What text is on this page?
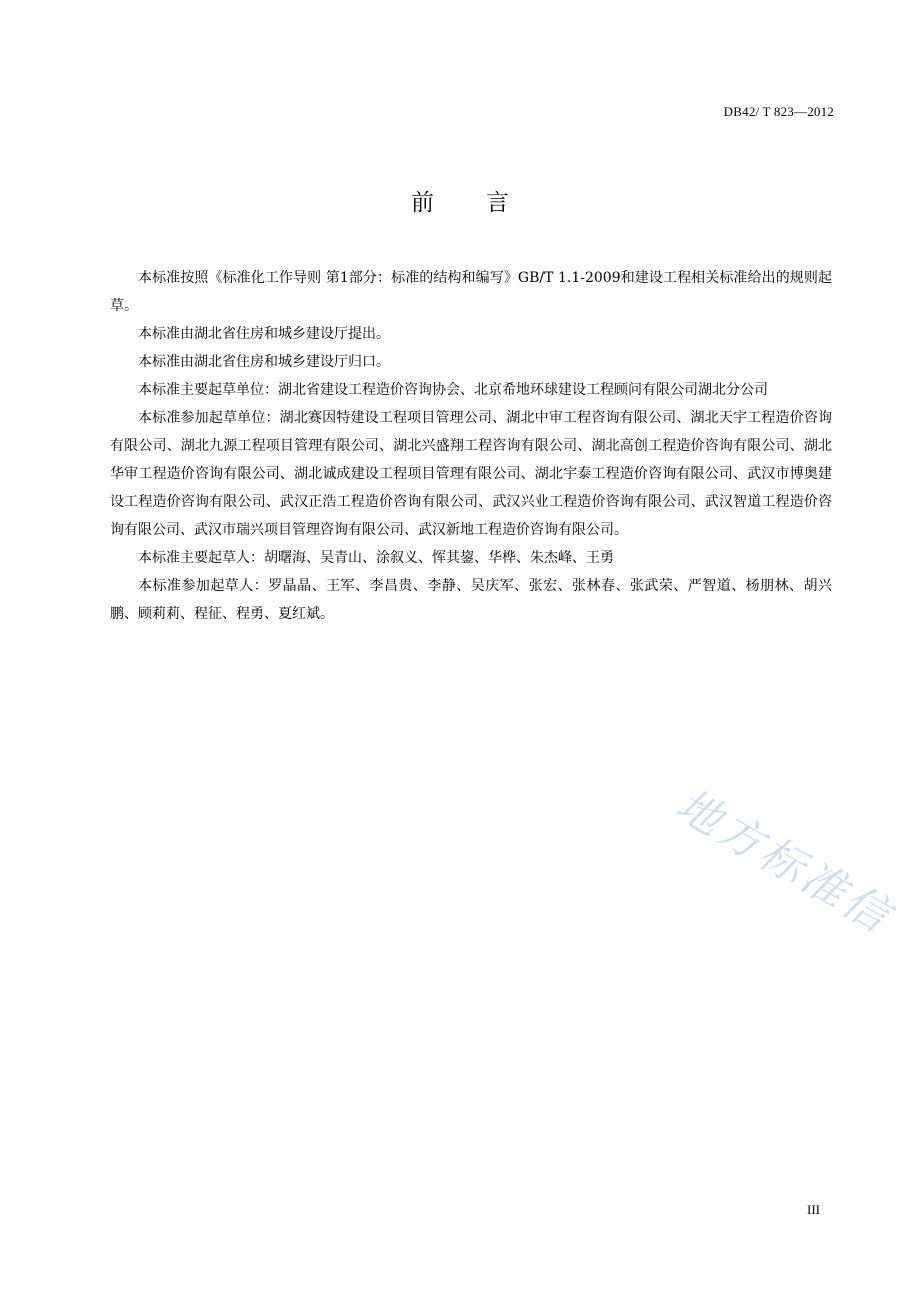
DB42/ T 823—2012
前言

本标准按照《标准化工作导则 第1部分：标准的结构和编写》GB/T 1.1-2009和建设工程相关标准给出的规则起草。

本标准由湖北省住房和城乡建设厅提出。

本标准由湖北省住房和城乡建设厅归口。

本标准主要起草单位：湖北省建设工程造价咨询协会、北京希地环球建设工程顾问有限公司湖北分公司

本标准参加起草单位：湖北赛因特建设工程项目管理公司、湖北中审工程咨询有限公司、湖北天宇工程造价咨询有限公司、湖北九源工程项目管理有限公司、湖北兴盛翔工程咨询有限公司、湖北高创工程造价咨询有限公司、湖北华审工程造价咨询有限公司、湖北诚成建设工程项目管理有限公司、湖北宇泰工程造价咨询有限公司、武汉市博奥建设工程造价咨询有限公司、武汉正浩工程造价咨询有限公司、武汉兴业工程造价咨询有限公司、武汉智道工程造价咨询有限公司、武汉市瑞兴项目管理咨询有限公司、武汉新地工程造价咨询有限公司。

本标准主要起草人：胡曙海、吴青山、涂叙义、恽其鋆、华桦、朱杰峰、王勇

本标准参加起草人：罗晶晶、王军、李昌贵、李静、吴庆军、张宏、张林春、张武荣、严智道、杨朋林、胡兴鹏、顾莉莉、程征、程勇、夏红斌。

地方标准信
III
